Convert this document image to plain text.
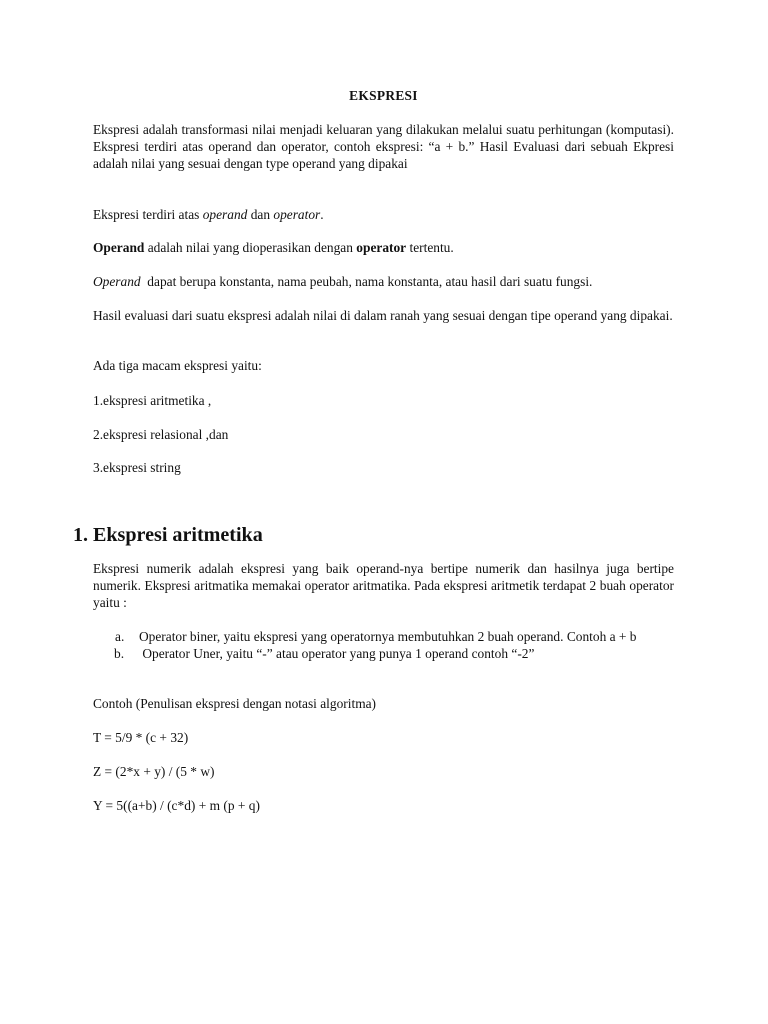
EKSPRESI

Ekspresi adalah transformasi nilai menjadi keluaran yang dilakukan melalui suatu perhitungan (komputasi). Ekspresi terdiri atas operand dan operator, contoh ekspresi: “a + b.” Hasil Evaluasi dari sebuah Ekpresi adalah nilai yang sesuai dengan type operand yang dipakai

Ekspresi terdiri atas operand dan operator.

Operand adalah nilai yang dioperasikan dengan operator tertentu.

Operand  dapat berupa konstanta, nama peubah, nama konstanta, atau hasil dari suatu fungsi.

Hasil evaluasi dari suatu ekspresi adalah nilai di dalam ranah yang sesuai dengan tipe operand yang dipakai.

Ada tiga macam ekspresi yaitu:

1.ekspresi aritmetika ,

2.ekspresi relasional ,dan

3.ekspresi string

1. Ekspresi aritmetika

Ekspresi numerik adalah ekspresi yang baik operand-nya bertipe numerik dan hasilnya juga bertipe numerik. Ekspresi aritmatika memakai operator aritmatika. Pada ekspresi aritmetik terdapat 2 buah operator yaitu :

a. Operator biner, yaitu ekspresi yang operatornya membutuhkan 2 buah operand. Contoh a + b
b. Operator Uner, yaitu “-” atau operator yang punya 1 operand contoh “-2”

Contoh (Penulisan ekspresi dengan notasi algoritma)

T = 5/9 * (c + 32)

Z = (2*x + y) / (5 * w)

Y = 5((a+b) / (c*d) + m (p + q)
